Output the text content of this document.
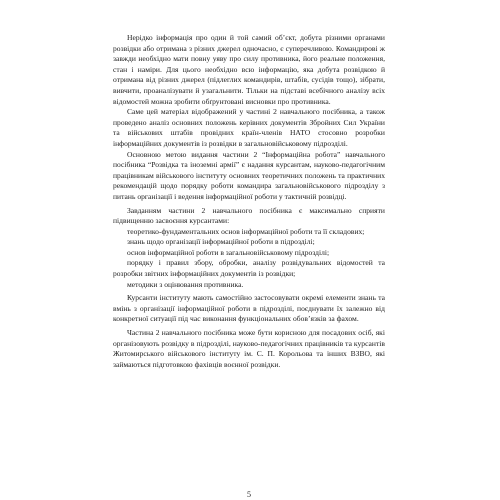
Нерідко інформація про один й той самий об’єкт, добута різними органами розвідки або отримана з різних джерел одночасно, є суперечливою. Командирові ж завжди необхідно мати повну уяву про силу противника, його реальне положення, стан і наміри. Для цього необхідно всю інформацію, яка добута розвідкою й отримана від різних джерел (підлеглих командирів, штабів, сусідів тощо), зібрати, вивчити, проаналізувати й узагальнити. Тільки на підставі всебічного аналізу всіх відомостей можна зробити обґрунтовані висновки про противника.

Саме цей матеріал відображений у частині 2 навчального посібника, а також проведено аналіз основних положень керівних документів Збройних Сил України та військових штабів провідних країн-членів НАТО стосовно розробки інформаційних документів із розвідки в загальновійськовому підрозділі.

Основною метою видання частини 2 “Інформаційна робота” навчального посібника “Розвідка та іноземні армії” є надання курсантам, науково-педагогічним працівникам військового інституту основних теоретичних положень та практичних рекомендацій щодо порядку роботи командира загальновійськового підрозділу з питань організації і ведення інформаційної роботи у тактичній розвідці.

Завданням частини 2 навчального посібника є максимально сприяти підвищенню засвоєння курсантами:

теоретико-фундаментальних основ інформаційної роботи та її складових;

знань щодо організації інформаційної роботи в підрозділі;

основ інформаційної роботи в загальновійськовому підрозділі;

порядку і правил збору, обробки, аналізу розвідувальних відомостей та розробки звітних інформаційних документів із розвідки;

методики з оцінювання противника.

Курсанти інституту мають самостійно застосовувати окремі елементи знань та вмінь з організації інформаційної роботи в підрозділі, поєднувати їх залежно від конкретної ситуації під час виконання функціональних обов’язків за фахом.

Частина 2 навчального посібника може бути корисною для посадових осіб, які організовують розвідку в підрозділі, науково-педагогічних працівників та курсантів Житомирського військового інституту ім. С. П. Корольова та інших ВЗВО, які займаються підготовкою фахівців воєнної розвідки.

5
